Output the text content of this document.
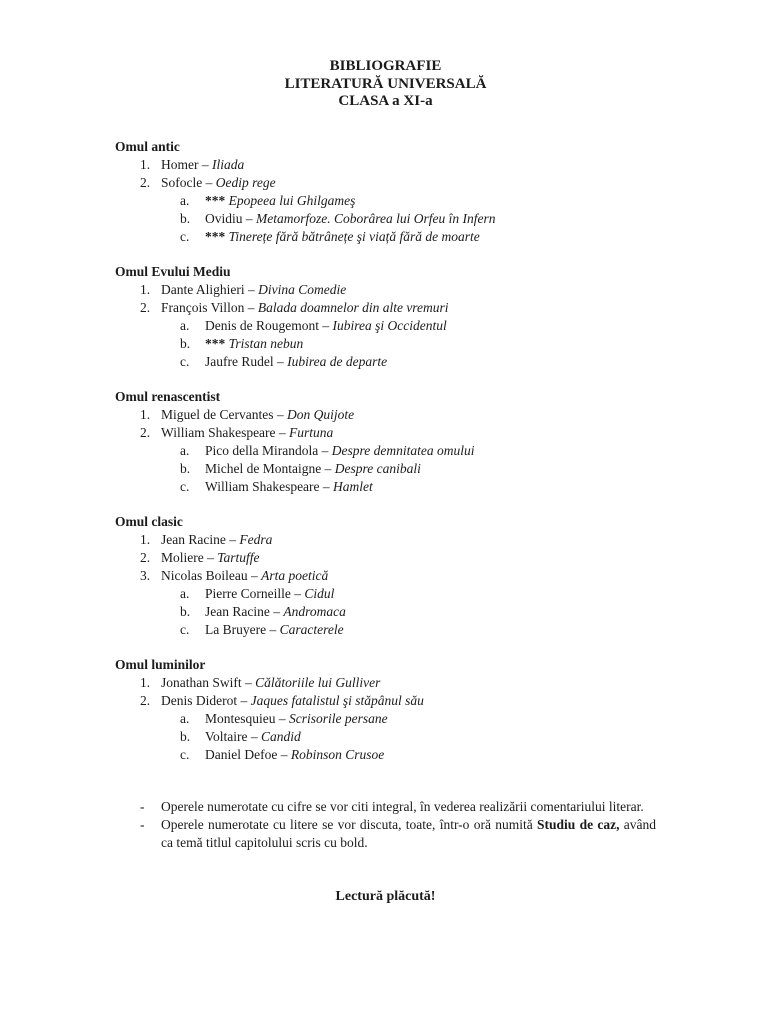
BIBLIOGRAFIE
LITERATURĂ UNIVERSALĂ
CLASA a XI-a
Omul antic
1. Homer – Iliada
2. Sofocle – Oedip rege
a.	*** Epopeea lui Ghilgameş
b.	Ovidiu – Metamorfoze. Coborârea lui Orfeu în Infern
c.	*** Tinerețe fără bătrânețe şi viață fără de moarte
Omul Evului Mediu
1. Dante Alighieri – Divina Comedie
2. François Villon – Balada doamnelor din alte vremuri
a.	Denis de Rougemont – Iubirea şi Occidentul
b.	*** Tristan nebun
c.	Jaufre Rudel – Iubirea de departe
Omul renascentist
1. Miguel de Cervantes – Don Quijote
2. William Shakespeare – Furtuna
a.	Pico della Mirandola – Despre demnitatea omului
b.	Michel de Montaigne – Despre canibali
c.	William Shakespeare – Hamlet
Omul clasic
1. Jean Racine – Fedra
2. Moliere – Tartuffe
3. Nicolas Boileau – Arta poetică
a.	Pierre Corneille – Cidul
b.	Jean Racine – Andromaca
c.	La Bruyere – Caracterele
Omul luminilor
1. Jonathan Swift – Călătoriile lui Gulliver
2. Denis Diderot – Jaques fatalistul şi stăpânul său
a.	Montesquieu – Scrisorile persane
b.	Voltaire – Candid
c.	Daniel Defoe – Robinson Crusoe
-	Operele numerotate cu cifre se vor citi integral, în vederea realizării comentariului literar.
-	Operele numerotate cu litere se vor discuta, toate, într-o oră numită Studiu de caz, având ca temă titlul capitolului scris cu bold.
Lectură plăcută!
